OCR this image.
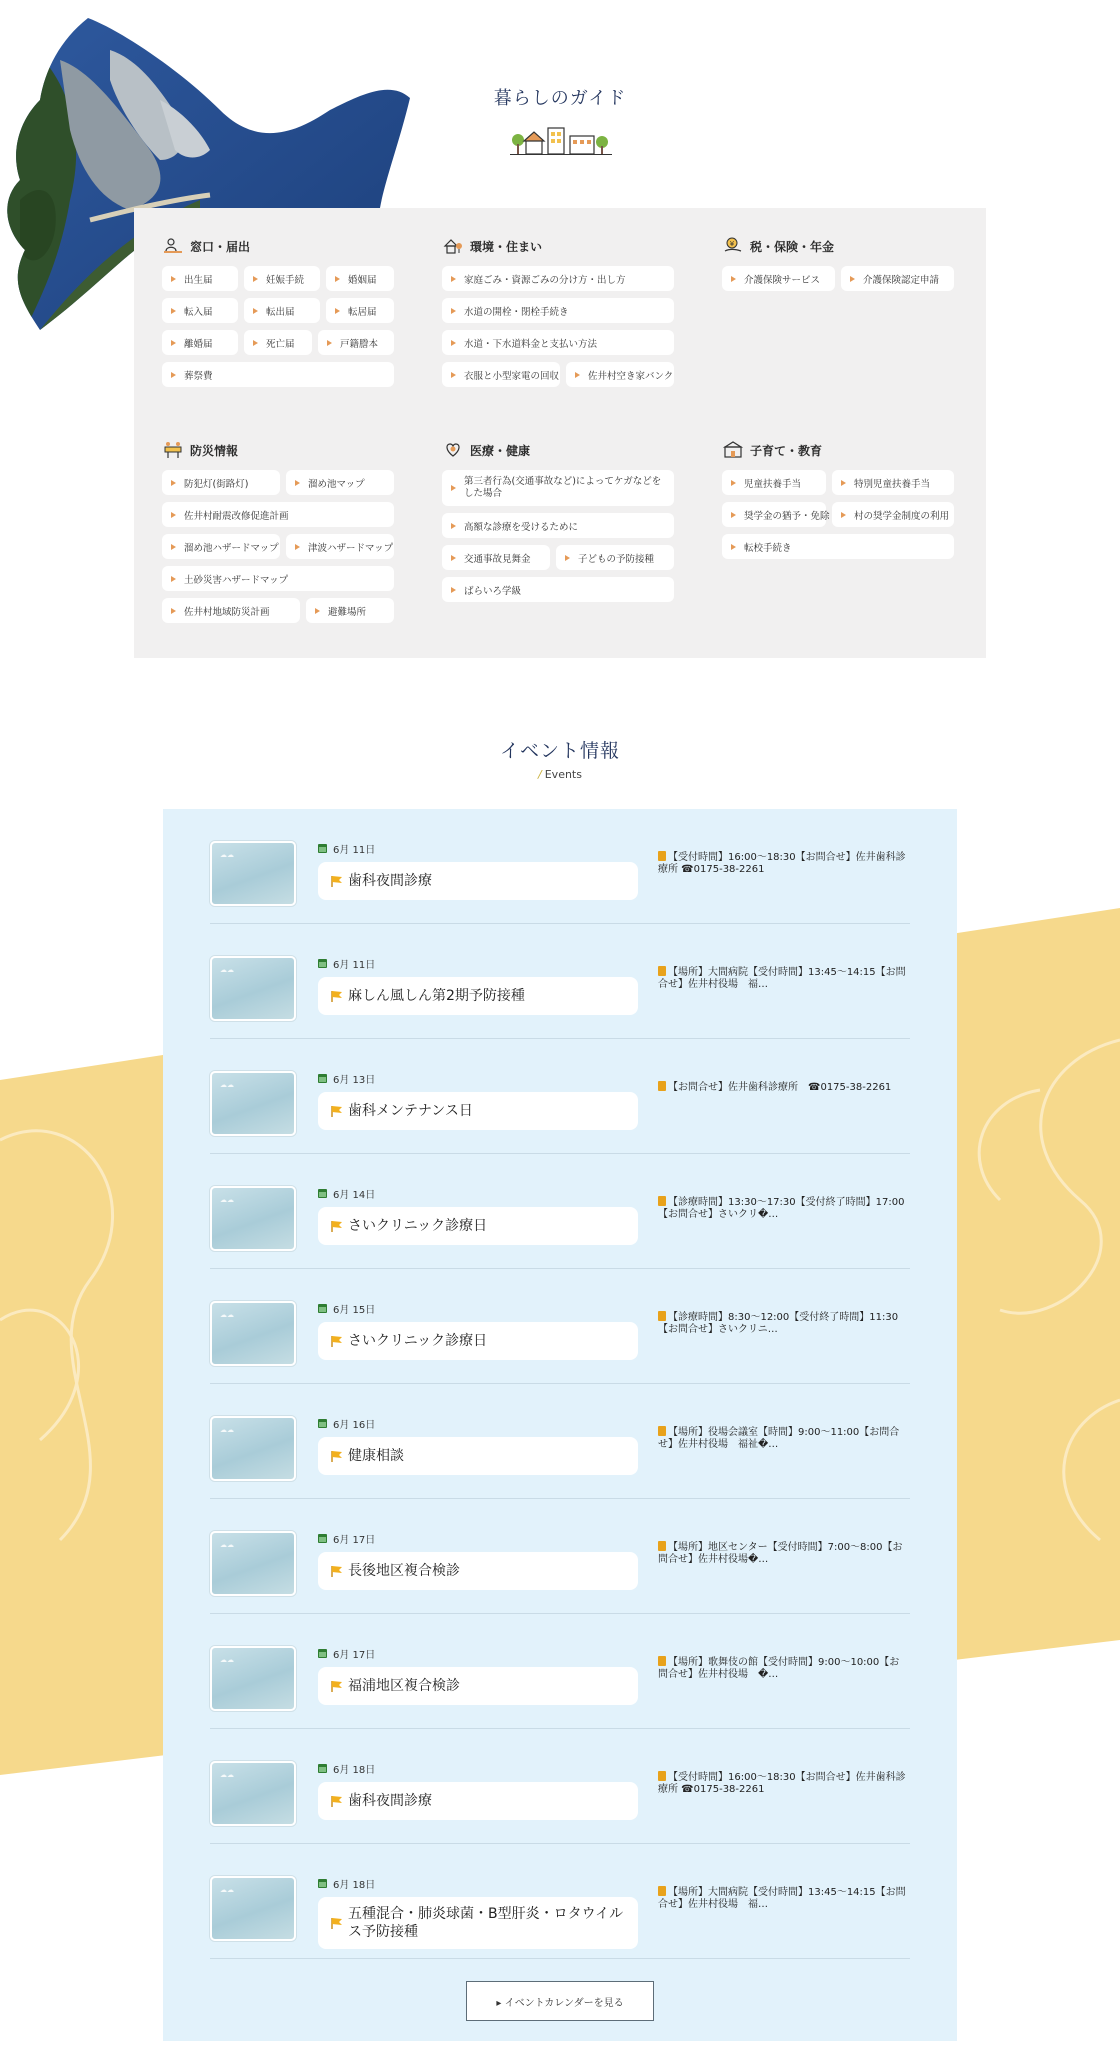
暮らしのガイド
窓口・届出
出生届	妊娠手続	婚姻届
転入届	転出届	転居届
離婚届	死亡届	戸籍謄本
葬祭費
環境・住まい
家庭ごみ・資源ごみの分け方・出し方
水道の開栓・閉栓手続き
水道・下水道料金と支払い方法
衣服と小型家電の回収	佐井村空き家バンク
¥ 税・保険・年金
介護保険サービス	介護保険認定申請
防災情報
防犯灯(街路灯)	溜め池マップ
佐井村耐震改修促進計画
溜め池ハザードマップ	津波ハザードマップ
土砂災害ハザードマップ
佐井村地域防災計画	避難場所
医療・健康
第三者行為(交通事故など)によってケガなどをした場合
高額な診療を受けるために
交通事故見舞金	子どもの予防接種
ばらいろ学級
子育て・教育
児童扶養手当	特別児童扶養手当
奨学金の猶予・免除	村の奨学金制度の利用
転校手続き
イベント情報
/ Events
☁☁	6月 11日
歯科夜間診療
【受付時間】16:00～18:30【お問合せ】佐井歯科診療所 ☎0175-38-2261
☁☁	6月 11日
麻しん風しん第2期予防接種
【場所】大間病院【受付時間】13:45～14:15【お問合せ】佐井村役場　福…
☁☁	6月 13日
歯科メンテナンス日
【お問合せ】佐井歯科診療所　☎0175-38-2261
☁☁	6月 14日
さいクリニック診療日
【診療時間】13:30～17:30【受付終了時間】17:00【お問合せ】さいクリ�…
☁☁	6月 15日
さいクリニック診療日
【診療時間】8:30～12:00【受付終了時間】11:30【お問合せ】さいクリニ…
☁☁	6月 16日
健康相談
【場所】役場会議室【時間】9:00～11:00【お問合せ】佐井村役場　福祉�…
☁☁	6月 17日
長後地区複合検診
【場所】地区センター【受付時間】7:00～8:00【お問合せ】佐井村役場�…
☁☁	6月 17日
福浦地区複合検診
【場所】歌舞伎の館【受付時間】9:00～10:00【お問合せ】佐井村役場　�…
☁☁	6月 18日
歯科夜間診療
【受付時間】16:00～18:30【お問合せ】佐井歯科診療所 ☎0175-38-2261
☁☁	6月 18日
五種混合・肺炎球菌・B型肝炎・ロタウイルス予防接種
【場所】大間病院【受付時間】13:45～14:15【お問合せ】佐井村役場　福…
▸ イベントカレンダーを見る
